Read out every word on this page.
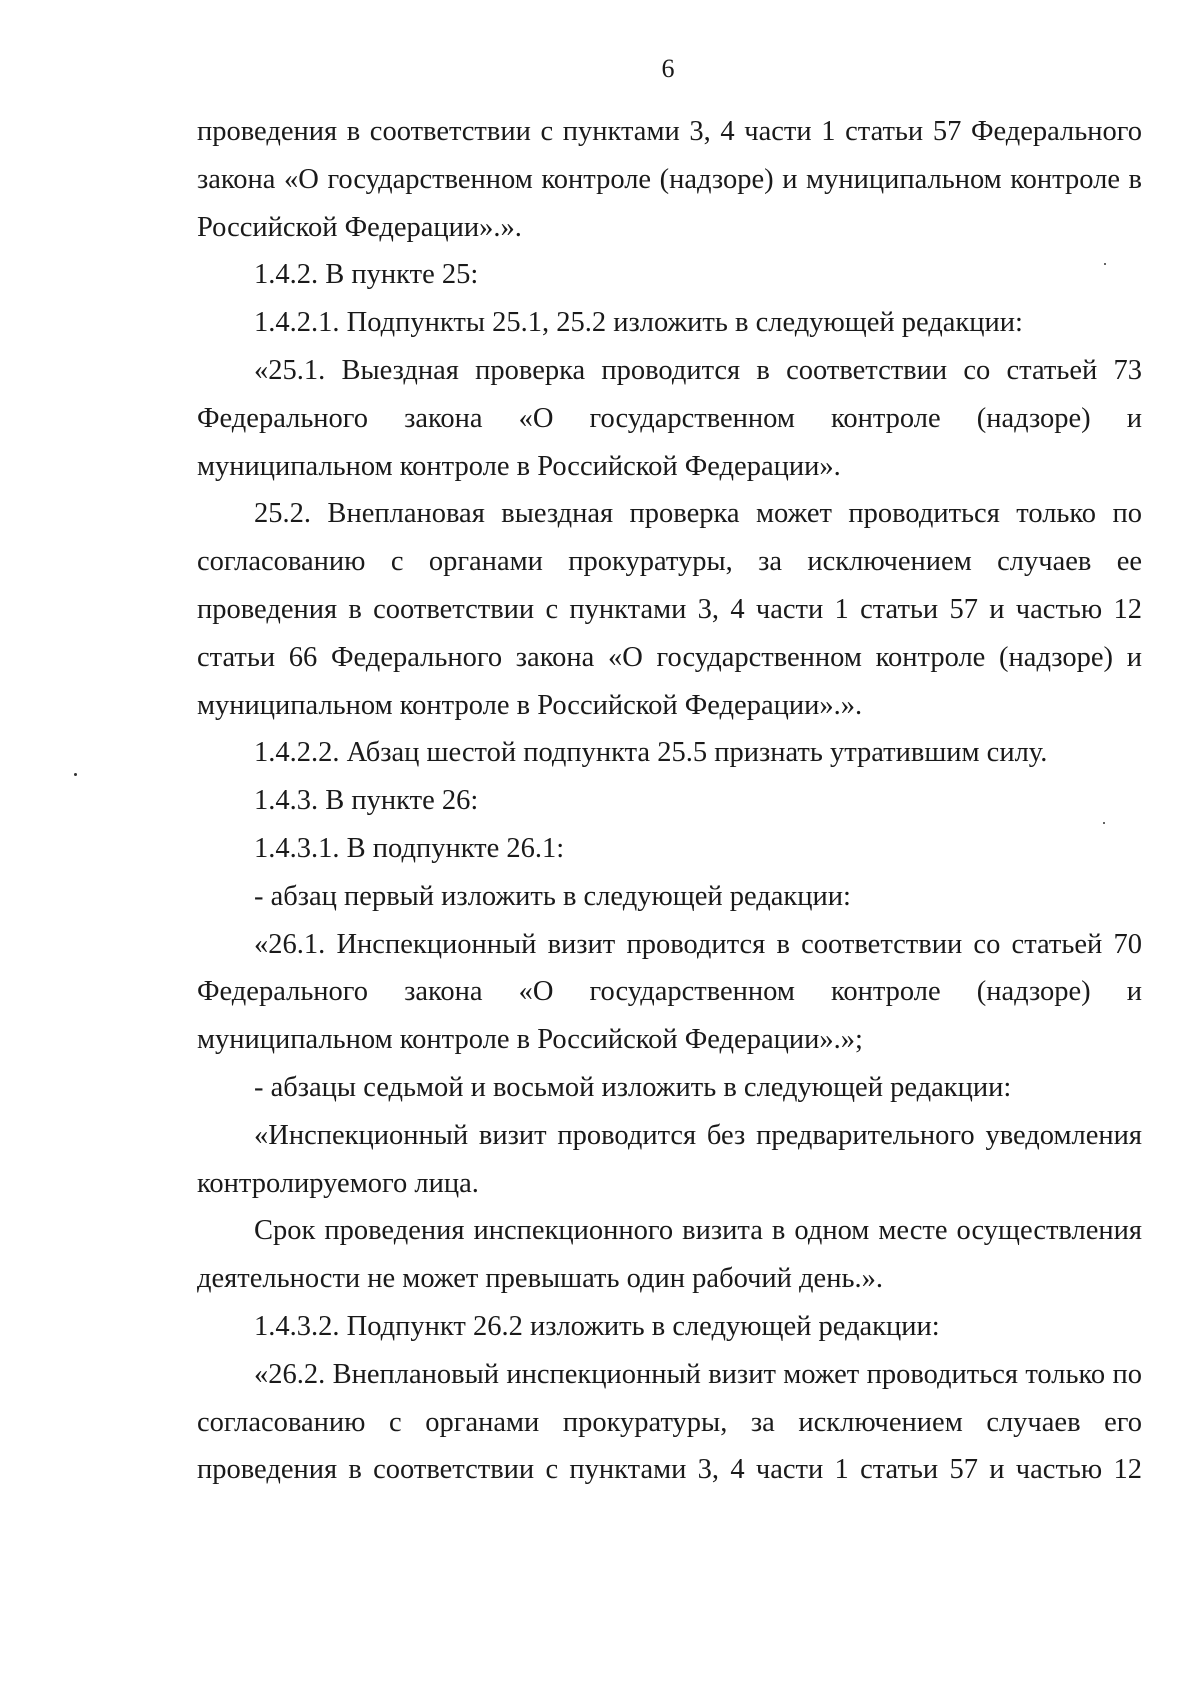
6

проведения в соответствии с пунктами 3, 4 части 1 статьи 57 Федерального закона «О государственном контроле (надзоре) и муниципальном контроле в Российской Федерации».».

1.4.2. В пункте 25:

1.4.2.1. Подпункты 25.1, 25.2 изложить в следующей редакции:

«25.1. Выездная проверка проводится в соответствии со статьей 73 Федерального закона «О государственном контроле (надзоре) и муниципальном контроле в Российской Федерации».

25.2. Внеплановая выездная проверка может проводиться только по согласованию с органами прокуратуры, за исключением случаев ее проведения в соответствии с пунктами 3, 4 части 1 статьи 57 и частью 12 статьи 66 Федерального закона «О государственном контроле (надзоре) и муниципальном контроле в Российской Федерации».».

1.4.2.2. Абзац шестой подпункта 25.5 признать утратившим силу.

1.4.3. В пункте 26:

1.4.3.1. В подпункте 26.1:

- абзац первый изложить в следующей редакции:

«26.1. Инспекционный визит проводится в соответствии со статьей 70 Федерального закона «О государственном контроле (надзоре) и муниципальном контроле в Российской Федерации».»;

- абзацы седьмой и восьмой изложить в следующей редакции:

«Инспекционный визит проводится без предварительного уведомления контролируемого лица.

Срок проведения инспекционного визита в одном месте осуществления деятельности не может превышать один рабочий день.».

1.4.3.2. Подпункт 26.2 изложить в следующей редакции:

«26.2. Внеплановый инспекционный визит может проводиться только по согласованию с органами прокуратуры, за исключением случаев его проведения в соответствии с пунктами 3, 4 части 1 статьи 57 и частью 12
